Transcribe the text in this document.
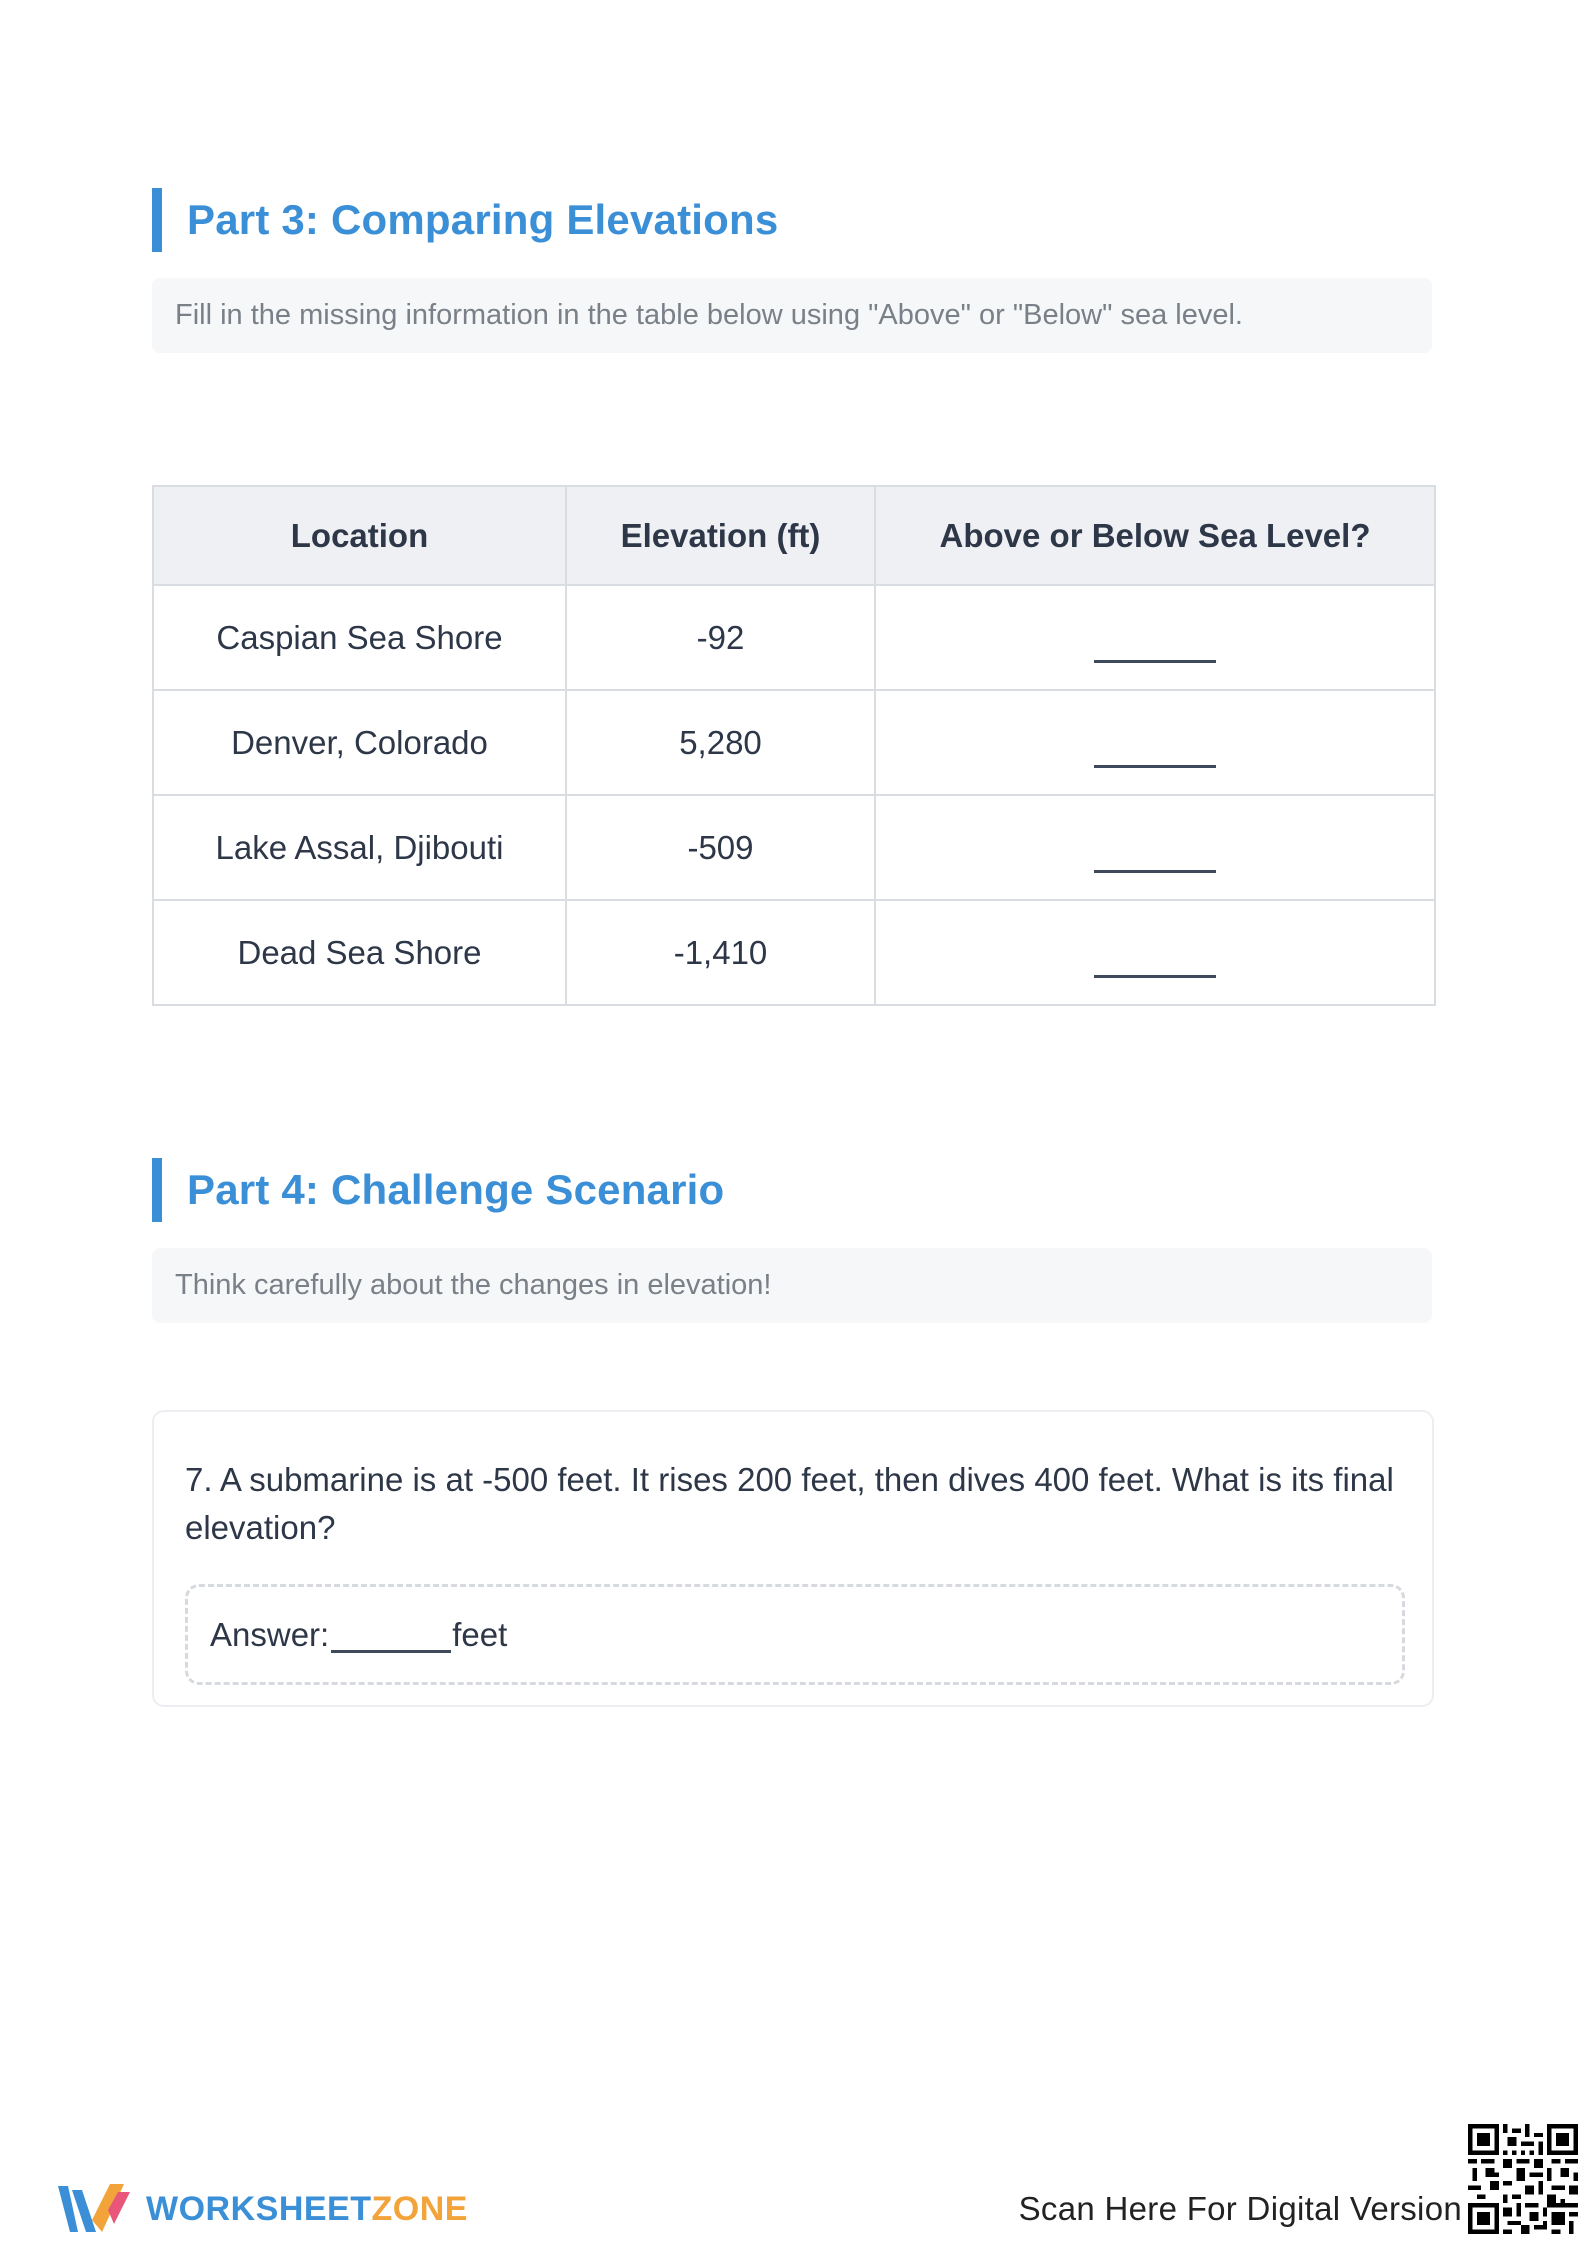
Part 3: Comparing Elevations
Fill in the missing information in the table below using "Above" or "Below" sea level.
Location	Elevation (ft)	Above or Below Sea Level?
Caspian Sea Shore	-92	

Denver, Colorado	5,280	

Lake Assal, Djibouti	-509	

Dead Sea Shore	-1,410	
Part 4: Challenge Scenario
Think carefully about the changes in elevation!

7. A submarine is at -500 feet. It rises 200 feet, then dives 400 feet. What is its final elevation?

Answer:	feet
WORKSHEETZONE	Scan Here For Digital Version
